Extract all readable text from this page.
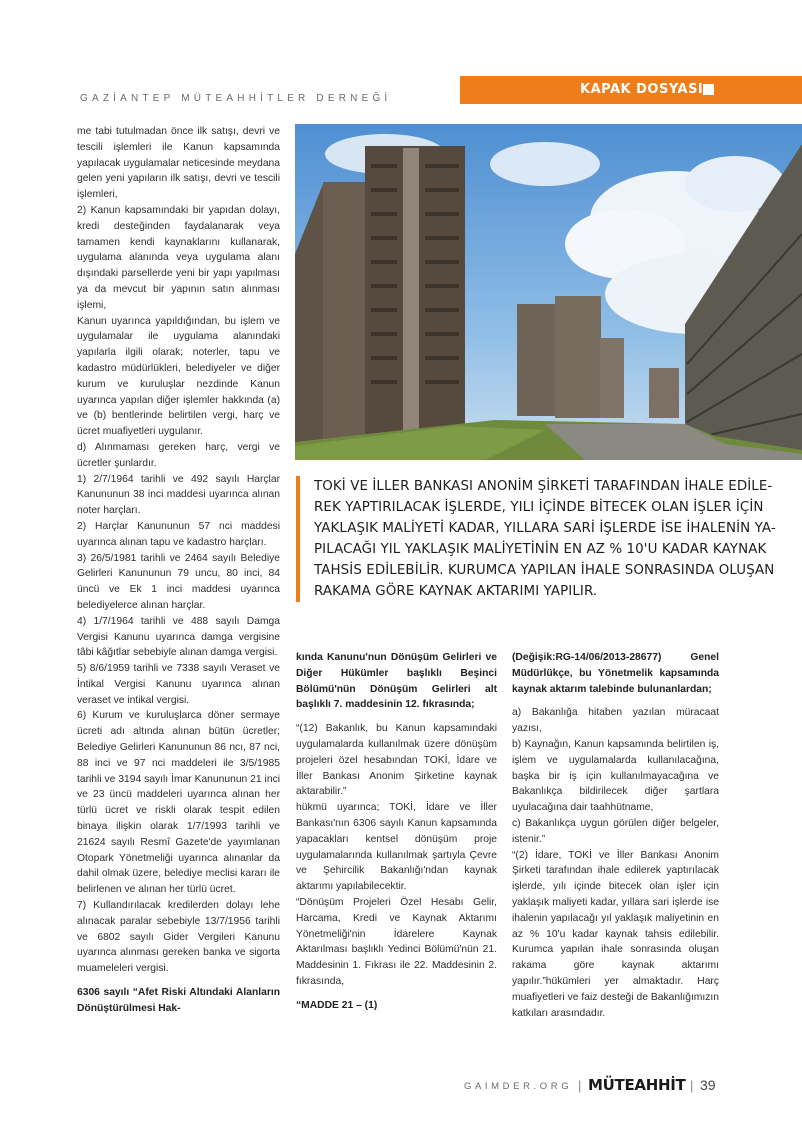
GAZİANTEP MÜTEAHHİTLER DERNEĞİ
KAPAK DOSYASI

me tabi tutulmadan önce ilk satışı, devri ve tescili işlemleri ile Kanun kapsamında yapılacak uygulamalar neticesinde meydana gelen yeni yapıların ilk satışı, devri ve tescili işlemleri,

2) Kanun kapsamındaki bir yapıdan dolayı, kredi desteğinden faydalanarak veya tamamen kendi kaynaklarını kullanarak, uygulama alanında veya uygulama alanı dışındaki parsellerde yeni bir yapı yapılması ya da mevcut bir yapının satın alınması işlemi,

Kanun uyarınca yapıldığından, bu işlem ve uygulamalar ile uygulama alanındaki yapılarla ilgili olarak; noterler, tapu ve kadastro müdürlükleri, belediyeler ve diğer kurum ve kuruluşlar nezdinde Kanun uyarınca yapılan diğer işlemler hakkında (a) ve (b) bentlerinde belirtilen vergi, harç ve ücret muafiyetleri uygulanır.

d) Alınmaması gereken harç, vergi ve ücretler şunlardır.

1) 2/7/1964 tarihli ve 492 sayılı Harçlar Kanununun 38 inci maddesi uyarınca alınan noter harçları.

2) Harçlar Kanununun 57 nci maddesi uyarınca alınan tapu ve kadastro harçları.

3) 26/5/1981 tarihli ve 2464 sayılı Belediye Gelirleri Kanununun 79 uncu, 80 inci, 84 üncü ve Ek 1 inci maddesi uyarınca belediyelerce alınan harçlar.

4) 1/7/1964 tarihli ve 488 sayılı Damga Vergisi Kanunu uyarınca damga vergisine tâbi kâğıtlar sebebiyle alınan damga vergisi.

5) 8/6/1959 tarihli ve 7338 sayılı Veraset ve İntikal Vergisi Kanunu uyarınca alınan veraset ve intikal vergisi.

6) Kurum ve kuruluşlarca döner sermaye ücreti adı altında alınan bütün ücretler; Belediye Gelirleri Kanununun 86 ncı, 87 nci, 88 inci ve 97 nci maddeleri ile 3/5/1985 tarihli ve 3194 sayılı İmar Kanununun 21 inci ve 23 üncü maddeleri uyarınca alınan her türlü ücret ve riskli olarak tespit edilen binaya ilişkin olarak 1/7/1993 tarihli ve 21624 sayılı Resmî Gazete'de yayımlanan Otopark Yönetmeliği uyarınca alınanlar da dahil olmak üzere, belediye meclisi kararı ile belirlenen ve alınan her türlü ücret.

7) Kullandırılacak kredilerden dolayı lehe alınacak paralar sebebiyle 13/7/1956 tarihli ve 6802 sayılı Gider Vergileri Kanunu uyarınca alınması gereken banka ve sigorta muameleleri vergisi.

6306 sayılı “Afet Riski Altındaki Alanların Dönüştürülmesi Hak-

TOKİ VE İLLER BANKASI ANONİM ŞİRKETİ TARAFINDAN İHALE EDİLE-
REK YAPTIRILACAK İŞLERDE, YILI İÇİNDE BİTECEK OLAN İŞLER İÇİN
YAKLAŞIK MALİYETİ KADAR, YILLARA SARİ İŞLERDE İSE İHALENİN YA-
PILACAĞI YIL YAKLAŞIK MALİYETİNİN EN AZ % 10'U KADAR KAYNAK
TAHSİS EDİLEBİLİR. KURUMCA YAPILAN İHALE SONRASINDA OLUŞAN
RAKAMA GÖRE KAYNAK AKTARIMI YAPILIR.

kında Kanunu'nun Dönüşüm Gelirleri ve Diğer Hükümler başlıklı Beşinci Bölümü'nün Dönüşüm Gelirleri alt başlıklı 7. maddesinin 12. fıkrasında;

“(12) Bakanlık, bu Kanun kapsamındaki uygulamalarda kullanılmak üzere dönüşüm projeleri özel hesabından TOKİ, İdare ve İller Bankası Anonim Şirketine kaynak aktarabilir.”

hükmü uyarınca; TOKİ, İdare ve İller Bankası'nın 6306 sayılı Kanun kapsamında yapacakları kentsel dönüşüm proje uygulamalarında kullanılmak şartıyla Çevre ve Şehircilik Bakanlığı'ndan kaynak aktarımı yapılabilecektir.

“Dönüşüm Projeleri Özel Hesabı Gelir, Harcama, Kredi ve Kaynak Aktarımı Yönetmeliği'nin İdarelere Kaynak Aktarılması başlıklı Yedinci Bölümü'nün 21. Maddesinin 1. Fıkrası ile 22. Maddesinin 2. fıkrasında,

“MADDE 21 – (1)

(Değişik:RG-14/06/2013-28677) Genel Müdürlükçe, bu Yönetmelik kapsamında kaynak aktarım talebinde bulunanlardan;

a) Bakanlığa hitaben yazılan müracaat yazısı,

b) Kaynağın, Kanun kapsamında belirtilen iş, işlem ve uygulamalarda kullanılacağına, başka bir iş için kullanılmayacağına ve Bakanlıkça bildirilecek diğer şartlara uyulacağına dair taahhütname,

c) Bakanlıkça uygun görülen diğer belgeler, istenir.”

“(2) İdare, TOKİ ve İller Bankası Anonim Şirketi tarafından ihale edilerek yaptırılacak işlerde, yılı içinde bitecek olan işler için yaklaşık maliyeti kadar, yıllara sari işlerde ise ihalenin yapılacağı yıl yaklaşık maliyetinin en az % 10'u kadar kaynak tahsis edilebilir. Kurumca yapılan ihale sonrasında oluşan rakama göre kaynak aktarımı yapılır.”hükümleri yer almaktadır. Harç muafiyetleri ve faiz desteği de Bakanlığımızın katkıları arasındadır.

GAIMDER.ORG | MÜTEAHHİT | 39
